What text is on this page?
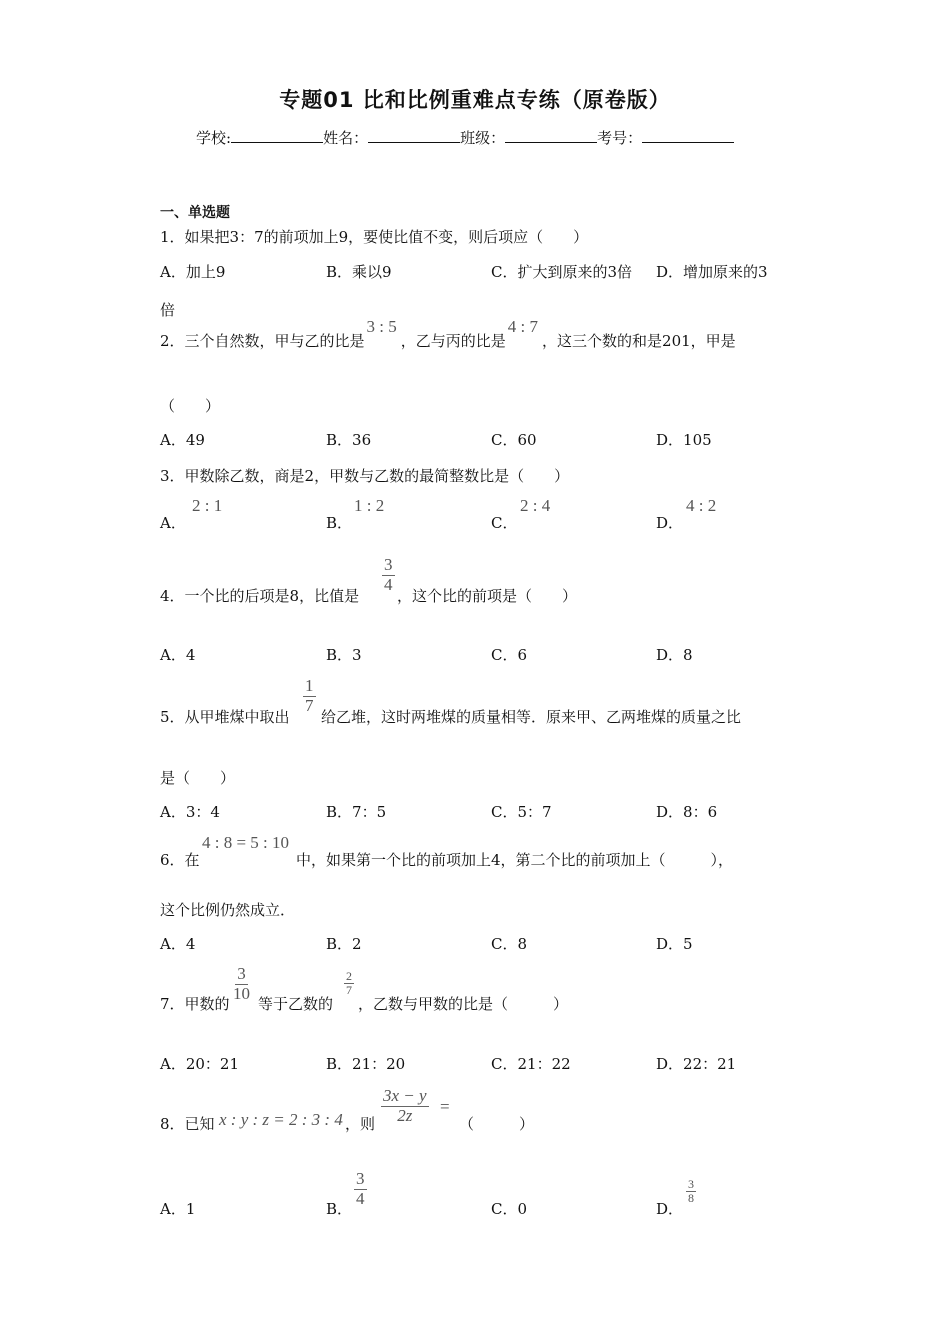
专题01 比和比例重难点专练（原卷版）
学校:	姓名：	班级：	考号：
一、单选题
1．如果把3：7的前项加上9，要使比值不变，则后项应（　　）
A．加上9	B．乘以9	C．扩大到原来的3倍 D．增加原来的3
倍
2．三个自然数，甲与乙的比是3 : 5，乙与丙的比是4 : 7，这三个数的和是201，甲是
（　　）
A．49	B．36	C．60	D．105
3．甲数除乙数，商是2，甲数与乙数的最简整数比是（　　）
A．
2 : 1
B．
1 : 2
C．
2 : 4
D．
4 : 2
4．一个比的后项是8，比值是
$\frac{3}{4}$
，这个比的前项是（　　）
A．4	B．3	C．6	D．8
5．从甲堆煤中取出
$\frac{1}{7}$
给乙堆，这时两堆煤的质量相等．原来甲、乙两堆煤的质量之比
是（　　）
A．3：4	B．7：5	C．5：7	D．8：6
6．在
4 : 8 = 5 : 10
中，如果第一个比的前项加上4，第二个比的前项加上（　　　），
这个比例仍然成立．
A．4	B．2	C．8	D．5
7．甲数的
$\frac{3}{10}$
等于乙数的
$\frac{2}{7}$
，乙数与甲数的比是（　　　）
A．20：21	B．21：20	C．21：22	D．22：21
8．已知 x : y : z = 2 : 3 : 4 ，则 $\frac{3x - y}{2z}$ =
（　　　）
A．1	B．
$\frac{3}{4}$
C．0	D．
$\frac{3}{8}$
